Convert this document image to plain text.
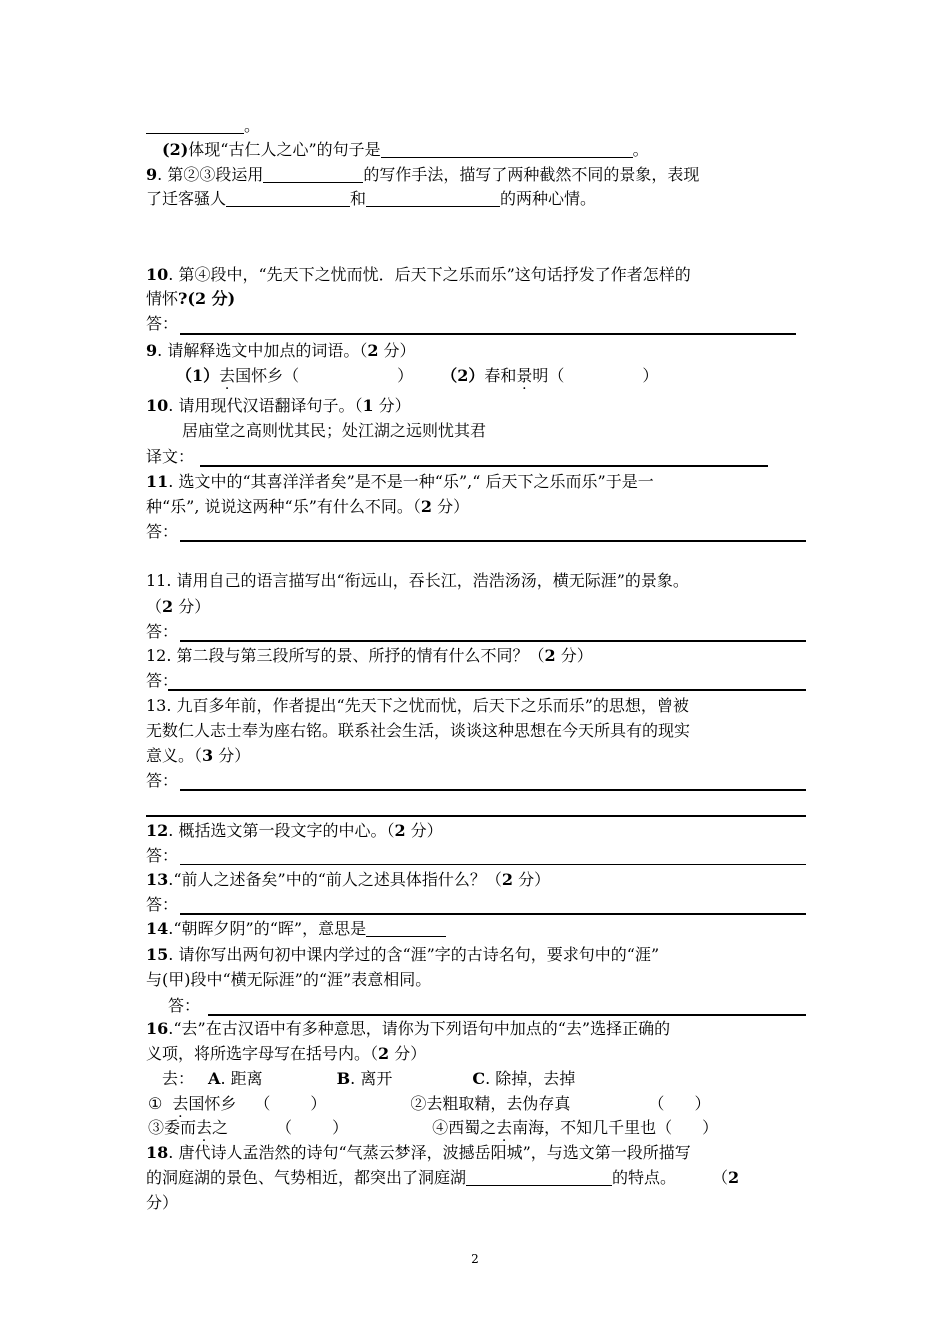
。
(2)体现“古仁人之心”的句子是	。
9. 第②③段运用	的写作手法，描写了两种截然不同的景象，表现
了迁客骚人	和	的两种心情。
10. 第④段中，“先天下之忧而忧．后天下之乐而乐”这句话抒发了作者怎样的
情怀?(2 分)
答：
9. 请解释选文中加点的词语。（2 分）
（1）去国怀乡（	） （2）春和景明（	）
10. 请用现代汉语翻译句子。（1 分）
居庙堂之高则忧其民；处江湖之远则忧其君
译文：
11. 选文中的“其喜洋洋者矣”是不是一种“乐”,“ 后天下之乐而乐”于是一
种“乐”, 说说这两种“乐”有什么不同。（2 分）
答：
11. 请用自己的语言描写出“衔远山，吞长江，浩浩汤汤，横无际涯”的景象。
（2 分）
答：
12. 第二段与第三段所写的景、所抒的情有什么不同？（2 分）
答：
13. 九百多年前，作者提出“先天下之忧而忧，后天下之乐而乐”的思想，曾被
无数仁人志士奉为座右铭。联系社会生活，谈谈这种思想在今天所具有的现实
意义。（3 分）
答：
12. 概括选文第一段文字的中心。（2 分）
答：
13.“前人之述备矣”中的“前人之述具体指什么？（2 分）
答：
14.“朝晖夕阴”的“晖”，意思是
15. 请你写出两句初中课内学过的含“涯”字的古诗名句，要求句中的“涯”
与(甲)段中“横无际涯”的“涯”表意相同。
答：
16.“去”在古汉语中有多种意思，请你为下列语句中加点的“去”选择正确的
义项，将所选字母写在括号内。（2 分）
去： A. 距离	B. 离开	C. 除掉，去掉
① 去国怀乡 （	）	②去粗取精，去伪存真	（ ）
③委而去之	（	）	④西蜀之去南海，不知几千里也（ ）
18. 唐代诗人孟浩然的诗句“气蒸云梦泽，波撼岳阳城”，与选文第一段所描写
的洞庭湖的景色、气势相近，都突出了洞庭湖	的特点。 （2
分）
2
